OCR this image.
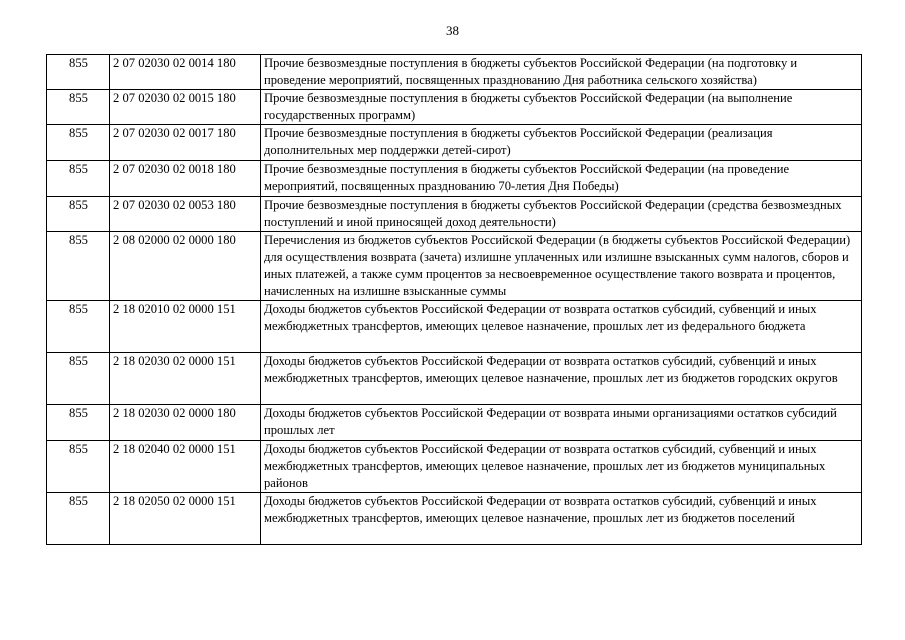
38
855	2 07 02030 02 0014 180	Прочие безвозмездные поступления в бюджеты субъектов Российской Федерации (на подготовку и проведение мероприятий, посвященных празднованию Дня работника сельского хозяйства)
855	2 07 02030 02 0015 180	Прочие безвозмездные поступления в бюджеты субъектов Российской Федерации (на выполнение государственных программ)
855	2 07 02030 02 0017 180	Прочие безвозмездные поступления в бюджеты субъектов Российской Федерации (реализация дополнительных мер поддержки детей-сирот)
855	2 07 02030 02 0018 180	Прочие безвозмездные поступления в бюджеты субъектов Российской Федерации (на проведение мероприятий, посвященных празднованию 70-летия Дня Победы)
855	2 07 02030 02 0053 180	Прочие безвозмездные поступления в бюджеты субъектов Российской Федерации (средства безвозмездных поступлений и иной приносящей доход деятельности)
855	2 08 02000 02 0000 180	Перечисления из бюджетов субъектов Российской Федерации (в бюджеты субъектов Российской Федерации) для осуществления возврата (зачета) излишне уплаченных или излишне взысканных сумм налогов, сборов и иных платежей, а также сумм процентов за несвоевременное осуществление такого возврата и процентов, начисленных на излишне взысканные суммы
855	2 18 02010 02 0000 151	Доходы бюджетов субъектов Российской Федерации от возврата остатков субсидий, субвенций и иных межбюджетных трансфертов, имеющих целевое назначение, прошлых лет из федерального бюджета
855	2 18 02030 02 0000 151	Доходы бюджетов субъектов Российской Федерации от возврата остатков субсидий, субвенций и иных межбюджетных трансфертов, имеющих целевое назначение, прошлых лет из бюджетов городских округов
855	2 18 02030 02 0000 180	Доходы бюджетов субъектов Российской Федерации от возврата иными организациями остатков субсидий прошлых лет
855	2 18 02040 02 0000 151	Доходы бюджетов субъектов Российской Федерации от возврата остатков субсидий, субвенций и иных межбюджетных трансфертов, имеющих целевое назначение, прошлых лет из бюджетов муниципальных районов
855	2 18 02050 02 0000 151	Доходы бюджетов субъектов Российской Федерации от возврата остатков субсидий, субвенций и иных межбюджетных трансфертов, имеющих целевое назначение, прошлых лет из бюджетов поселений
